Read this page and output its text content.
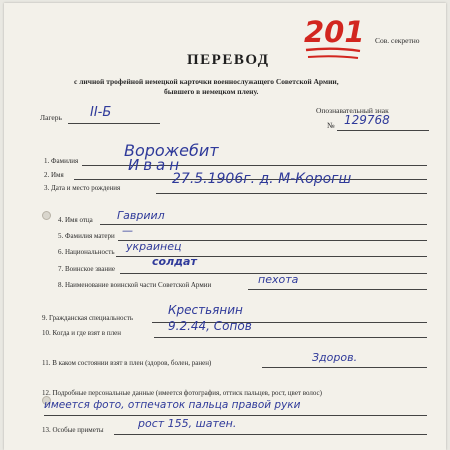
201 Сов. секретно
ПЕРЕВОД
с личной трофейной немецкой карточки военнослужащего Советской Армии,
бывшего в немецком плену.
Лагерь II-Б	Опознавательный знак
№ 129768
1. Фамилия
Ворожебит
2. Имя
Иван
3. Дата и место рождения
27.5.1906г. д. М-Корогш
4. Имя отца Гавриил
5. Фамилия матери —
6. Национальность украинец
7. Воинское звание
солдат
8. Наименование воинской части Советской Армии	пехота
9. Гражданская специальность
Крестьянин
10. Когда и где взят в плен	9.2.44, Сопов
11. В каком состоянии взят в плен (здоров, болен, ранен)	Здоров.
12. Подробные персональные данные (имеется фотография, оттиск пальцев, рост, цвет волос)
имеется фото, отпечаток пальца правой руки
13. Особые приметы	рост 155, шатен.
